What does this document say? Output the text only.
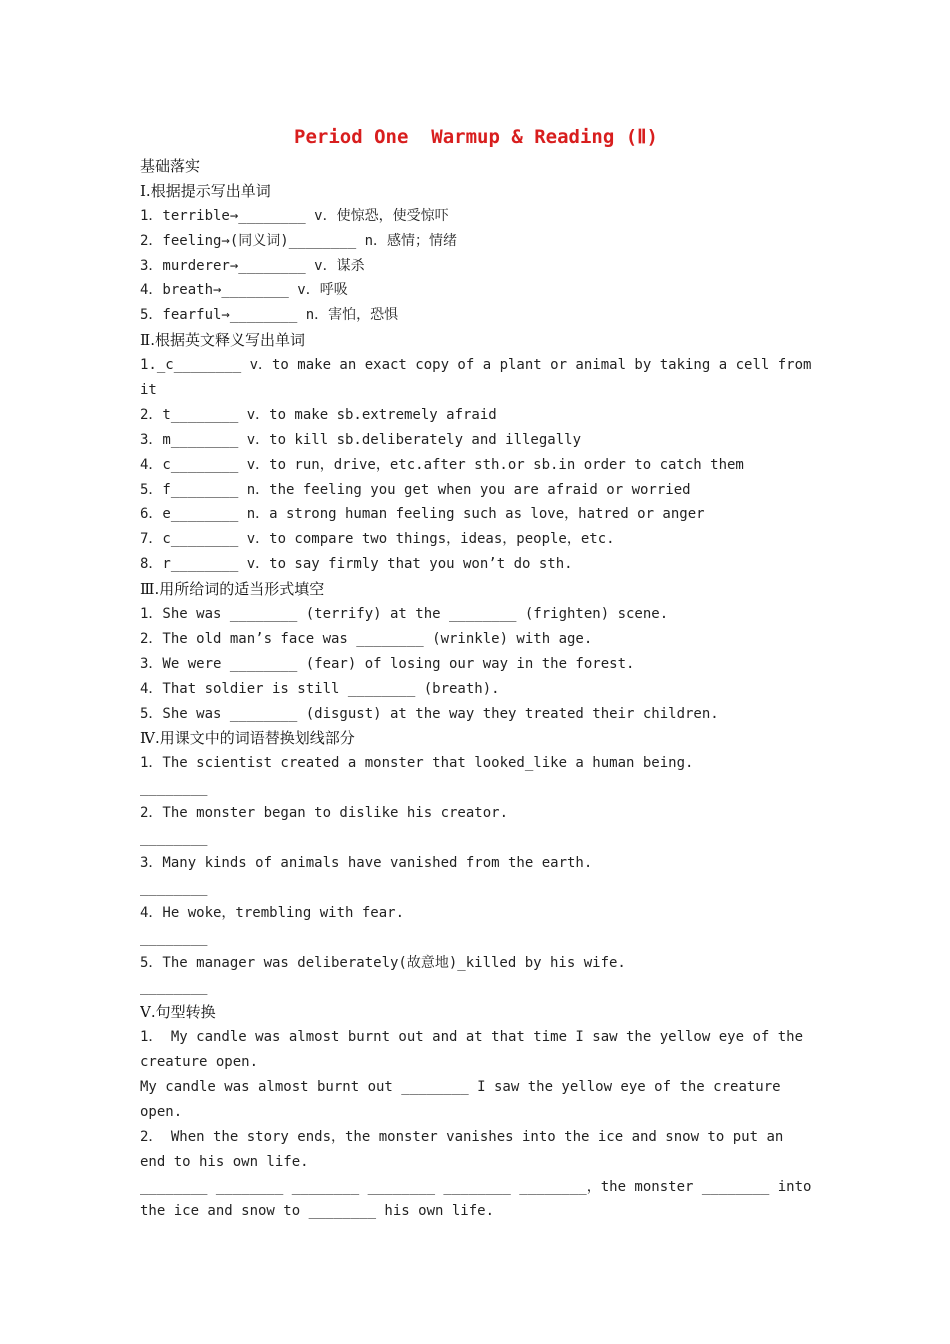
Period One  Warmup & Reading (Ⅱ)
基础落实
Ⅰ.根据提示写出单词
1．terrible→________ v．使惊恐，使受惊吓
2．feeling→(同义词)________ n．感情；情绪
3．murderer→________ v．谋杀
4．breath→________ v．呼吸
5．fearful→________ n．害怕，恐惧
Ⅱ.根据英文释义写出单词
1._c________ v．to make an exact copy of a plant or animal by taking a cell from
it
2．t________ v．to make sb.extremely afraid
3．m________ v．to kill sb.deliberately and illegally
4．c________ v．to run，drive，etc.after sth.or sb.in order to catch them
5．f________ n．the feeling you get when you are afraid or worried
6．e________ n．a strong human feeling such as love，hatred or anger
7．c________ v．to compare two things，ideas，people，etc.
8．r________ v．to say firmly that you won’t do sth.
Ⅲ.用所给词的适当形式填空
1．She was ________ (terrify) at the ________ (frighten) scene.
2．The old man’s face was ________ (wrinkle) with age.
3．We were ________ (fear) of losing our way in the forest.
4．That soldier is still ________ (breath).
5．She was ________ (disgust) at the way they treated their children.
Ⅳ.用课文中的词语替换划线部分
1．The scientist created a monster that looked_like a human being.
________
2．The monster began to dislike his creator.
________
3．Many kinds of animals have vanished from the earth.
________
4．He woke，trembling with fear.
________
5．The manager was deliberately(故意地)_killed by his wife.
________
Ⅴ.句型转换
1． My candle was almost burnt out and at that time I saw the yellow eye of the
creature open.
My candle was almost burnt out ________ I saw the yellow eye of the creature
open.
2． When the story ends，the monster vanishes into the ice and snow to put an
end to his own life.
________ ________ ________ ________ ________ ________，the monster ________ into
the ice and snow to ________ his own life.
